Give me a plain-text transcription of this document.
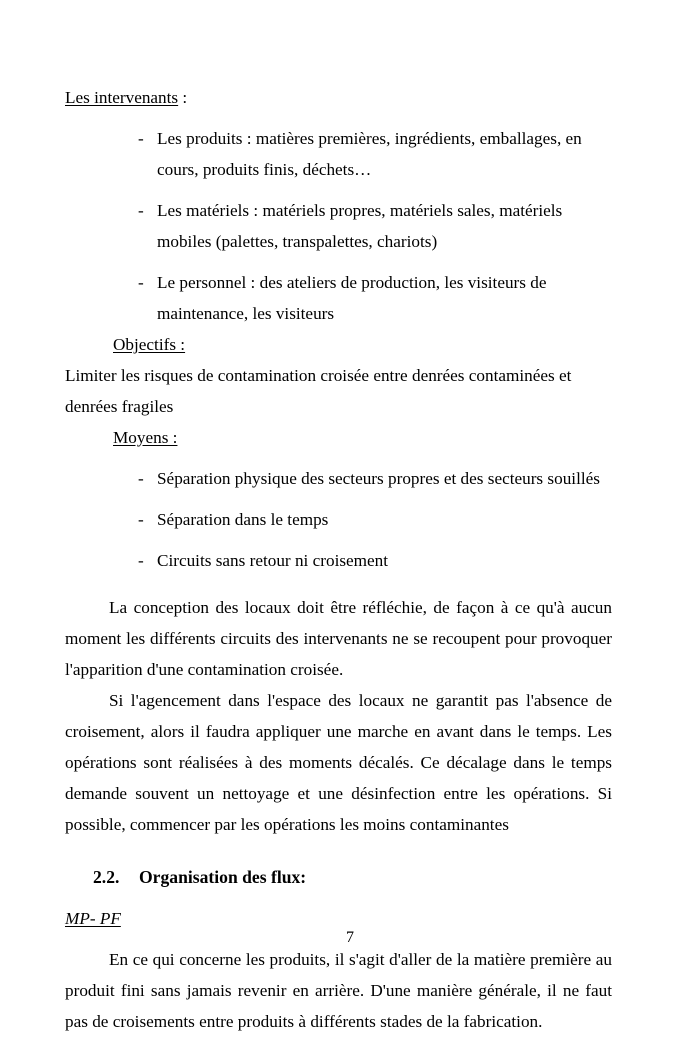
Les intervenants :
- Les produits : matières premières, ingrédients, emballages, en cours, produits finis, déchets…
- Les matériels : matériels propres, matériels sales, matériels mobiles (palettes, transpalettes, chariots)
- Le personnel : des ateliers de production, les visiteurs de maintenance, les visiteurs
Objectifs :

Limiter les risques de contamination croisée entre denrées contaminées et denrées fragiles

Moyens :
- Séparation physique des secteurs propres et des secteurs souillés
- Séparation dans le temps
- Circuits sans retour ni croisement

La conception des locaux doit être réfléchie, de façon à ce qu'à aucun moment les différents circuits des intervenants ne se recoupent pour provoquer l'apparition d'une contamination croisée.

Si l'agencement dans l'espace des locaux ne garantit pas l'absence de croisement, alors il faudra appliquer une marche en avant dans le temps. Les opérations sont réalisées à des moments décalés. Ce décalage dans le temps demande souvent un nettoyage et une désinfection entre les opérations. Si possible, commencer par les opérations les moins contaminantes

2.2. Organisation des flux:
MP- PF

En ce qui concerne les produits, il s'agit d'aller de la matière première au produit fini sans jamais revenir en arrière. D'une manière générale, il ne faut pas de croisements entre produits à différents stades de la fabrication.

7
